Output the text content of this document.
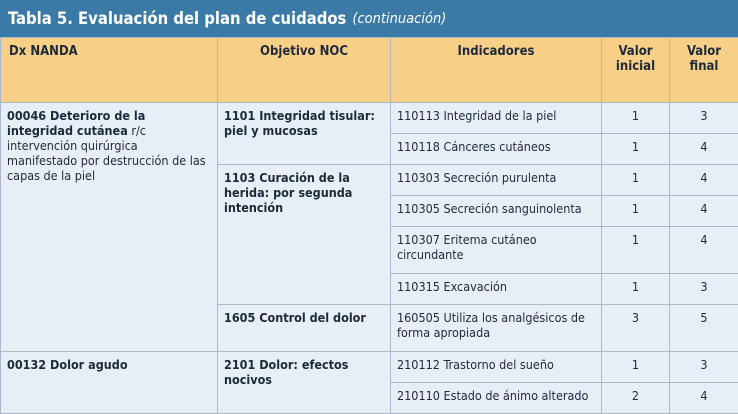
Tabla 5. Evaluación del plan de cuidados (continuación)
Dx NANDA	Objetivo NOC	Indicadores	Valor inicial	Valor final
00046 Deterioro de la integridad cutánea r/c intervención quirúrgica manifestado por destrucción de las capas de la piel	1101 Integridad tisular: piel y mucosas	110113 Integridad de la piel	1	3
		110118 Cánceres cutáneos	1	4
	1103 Curación de la herida: por segunda intención	110303 Secreción purulenta	1	4
		110305 Secreción sanguinolenta	1	4
		110307 Eritema cutáneo circundante	1	4
		110315 Excavación	1	3
	1605 Control del dolor	160505 Utiliza los analgésicos de forma apropiada	3	5
00132 Dolor agudo	2101 Dolor: efectos nocivos	210112 Trastorno del sueño	1	3
		210110 Estado de ánimo alterado	2	4
